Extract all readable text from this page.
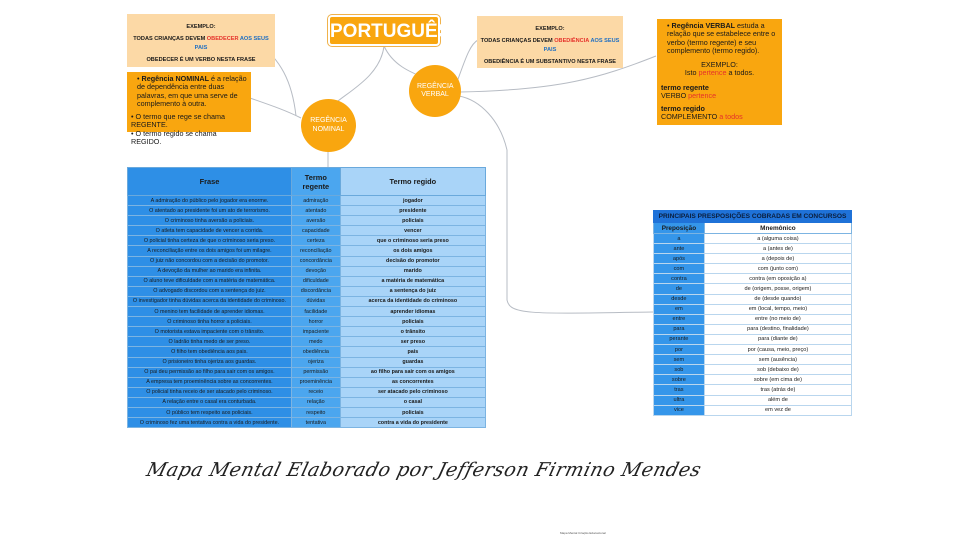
PORTUGUÊS
EXEMPLO:
TODAS CRIANÇAS DEVEM OBEDECER AOS SEUS PAIS
OBEDECER É UM VERBO NESTA FRASE
• Regência NOMINAL é a relação de dependência entre duas palavras, em que uma serve de complemento à outra.
• O termo que rege se chama REGENTE.
• O termo regido se chama REGIDO.
EXEMPLO:
TODAS CRIANÇAS DEVEM OBEDIÊNCIA AOS SEUS PAIS
OBEDIÊNCIA É UM SUBSTANTIVO NESTA FRASE
• Regência VERBAL estuda a relação que se estabelece entre o verbo (termo regente) e seu complemento (termo regido).
EXEMPLO:
Isto pertence a todos.
termo regente
VERBO pertence
termo regido
COMPLEMENTO a todos
REGÊNCIA NOMINAL
REGÊNCIA VERBAL
Frase	Termo regente	Termo regido
A admiração do público pelo jogador era enorme.	admiração	jogador
O atentado ao presidente foi um ato de terrorismo.	atentado	presidente
O criminoso tinha aversão a policiais.	aversão	policiais
O atleta tem capacidade de vencer a corrida.	capacidade	vencer
O policial tinha certeza de que o criminoso seria preso.	certeza	que o criminoso seria preso
A reconciliação entre os dois amigos foi um milagre.	reconciliação	os dois amigos
O juiz não concordou com a decisão do promotor.	concordância	decisão do promotor
A devoção da mulher ao marido era infinita.	devoção	marido
O aluno teve dificuldade com a matéria de matemática.	dificuldade	a matéria de matemática
O advogado discordou com a sentença do juiz.	discordância	a sentença do juiz
O investigador tinha dúvidas acerca da identidade do criminoso.	dúvidas	acerca da identidade do criminoso
O menino tem facilidade de aprender idiomas.	facilidade	aprender idiomas
O criminoso tinha horror a policiais.	horror	policiais
O motorista estava impaciente com o trânsito.	impaciente	o trânsito
O ladrão tinha medo de ser preso.	medo	ser preso
O filho tem obediência aos pais.	obediência	pais
O prisioneiro tinha ojeriza aos guardas.	ojeriza	guardas
O pai deu permissão ao filho para sair com os amigos.	permissão	ao filho para sair com os amigos
A empresa tem proeminência sobre as concorrentes.	proeminência	as concorrentes
O policial tinha receio de ser atacado pelo criminoso.	receio	ser atacado pelo criminoso
A relação entre o casal era conturbada.	relação	o casal
O público tem respeito aos policiais.	respeito	policiais
O criminoso fez uma tentativa contra a vida do presidente.	tentativa	contra a vida do presidente
PRINCIPAIS PRESPOSIÇÕES COBRADAS EM CONCURSOS	
Preposição	Mnemônico
a	a (alguma coisa)
ante	a (antes de)
após	a (depois de)
com	com (junto com)
contra	contra (em oposição a)
de	de (origem, posse, origem)
desde	de (desde quando)
em	em (local, tempo, meio)
entre	entre (no meio de)
para	para (destino, finalidade)
perante	para (diante de)
por	por (causa, meio, preço)
sem	sem (ausência)
sob	sob (debaixo de)
sobre	sobre (em cima de)
tras	tras (atrás de)
ultra	além de
vice	em vez de
Mapa Mental Elaborado por Jefferson Firmino Mendes
Mapa Mental Criação Educacional
